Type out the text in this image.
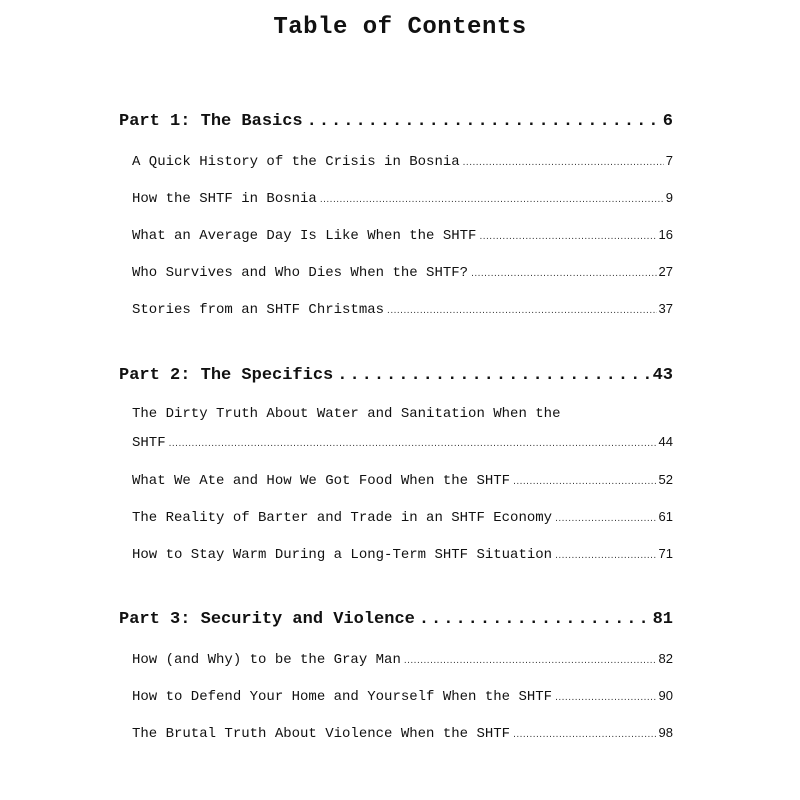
Table of Contents
Part 1: The Basics .....	6
A Quick History of the Crisis in Bosnia .....	7
How the SHTF in Bosnia .....	9
What an Average Day Is Like When the SHTF .....	16
Who Survives and Who Dies When the SHTF? .....	27
Stories from an SHTF Christmas .....	37
Part 2: The Specifics .....	43
The Dirty Truth About Water and Sanitation When the
SHTF .....	44
What We Ate and How We Got Food When the SHTF .....	52
The Reality of Barter and Trade in an SHTF Economy .....	61
How to Stay Warm During a Long-Term SHTF Situation .....	71
Part 3: Security and Violence .....	81
How (and Why) to be the Gray Man .....	82
How to Defend Your Home and Yourself When the SHTF .....	90
The Brutal Truth About Violence When the SHTF .....	98
